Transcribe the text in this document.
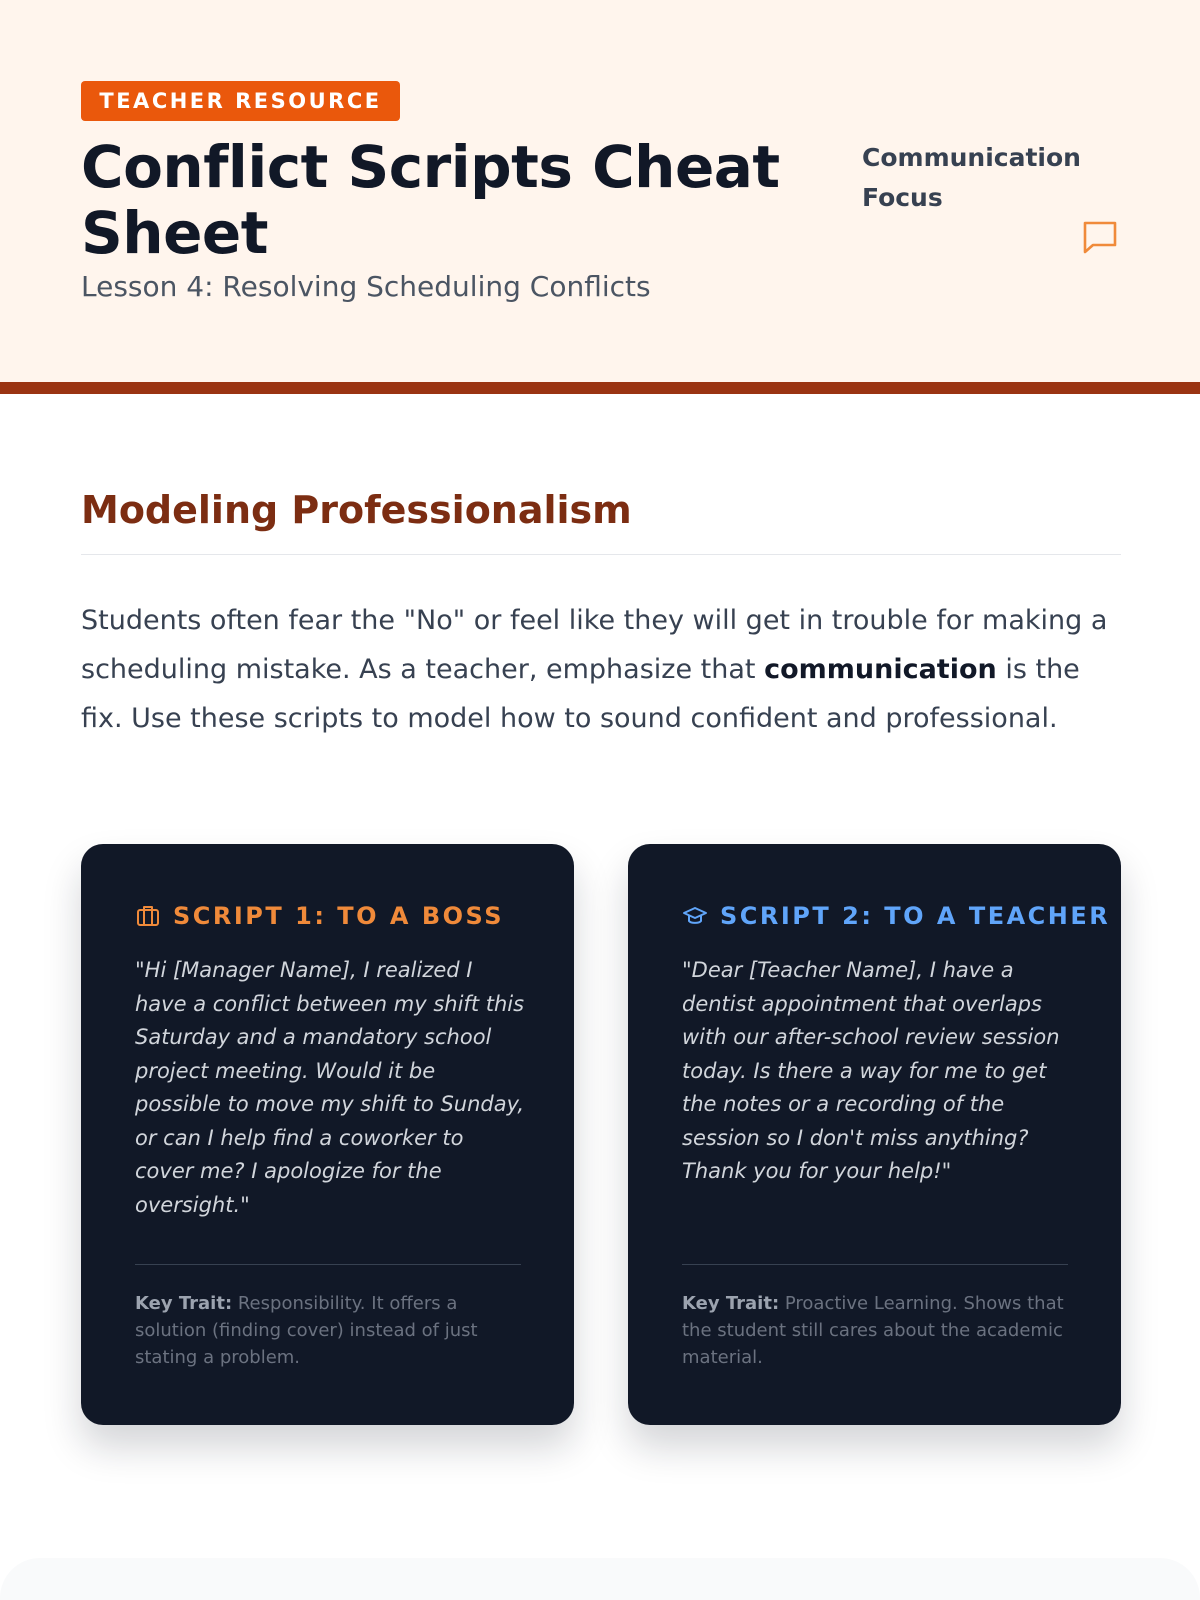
TEACHER RESOURCE
Conflict Scripts Cheat Sheet
Lesson 4: Resolving Scheduling Conflicts
Communication Focus
Modeling Professionalism

Students often fear the "No" or feel like they will get in trouble for making a scheduling mistake. As a teacher, emphasize that communication is the fix. Use these scripts to model how to sound confident and professional.

SCRIPT 1: TO A BOSS

"Hi [Manager Name], I realized I have a conflict between my shift this Saturday and a mandatory school project meeting. Would it be possible to move my shift to Sunday, or can I help find a coworker to cover me? I apologize for the oversight."

Key Trait: Responsibility. It offers a solution (finding cover) instead of just stating a problem.

SCRIPT 2: TO A TEACHER

"Dear [Teacher Name], I have a dentist appointment that overlaps with our after-school review session today. Is there a way for me to get the notes or a recording of the session so I don't miss anything? Thank you for your help!"

Key Trait: Proactive Learning. Shows that the student still cares about the academic material.
